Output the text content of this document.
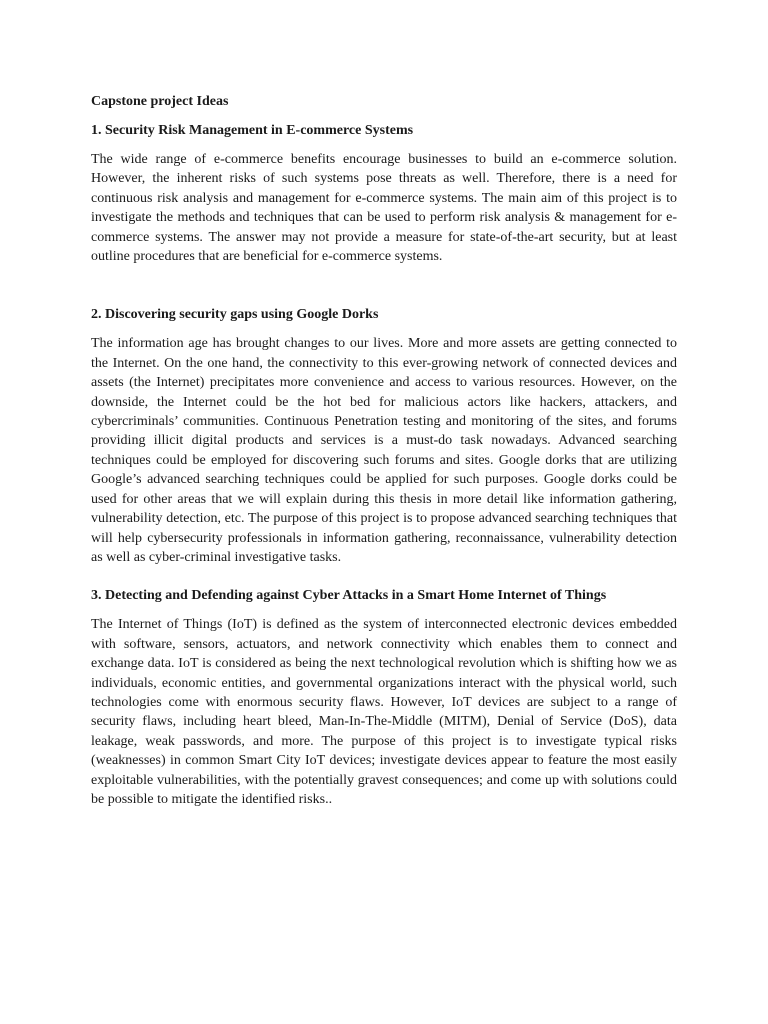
Capstone project Ideas

1. Security Risk Management in E-commerce Systems

The wide range of e-commerce benefits encourage businesses to build an e-commerce solution. However, the inherent risks of such systems pose threats as well. Therefore, there is a need for continuous risk analysis and management for e-commerce systems. The main aim of this project is to investigate the methods and techniques that can be used to perform risk analysis & management for e-commerce systems. The answer may not provide a measure for state-of-the-art security, but at least outline procedures that are beneficial for e-commerce systems.

2. Discovering security gaps using Google Dorks

The information age has brought changes to our lives. More and more assets are getting connected to the Internet. On the one hand, the connectivity to this ever-growing network of connected devices and assets (the Internet) precipitates more convenience and access to various resources. However, on the downside, the Internet could be the hot bed for malicious actors like hackers, attackers, and cybercriminals’ communities. Continuous Penetration testing and monitoring of the sites, and forums providing illicit digital products and services is a must-do task nowadays. Advanced searching techniques could be employed for discovering such forums and sites. Google dorks that are utilizing Google’s advanced searching techniques could be applied for such purposes. Google dorks could be used for other areas that we will explain during this thesis in more detail like information gathering, vulnerability detection, etc. The purpose of this project is to propose advanced searching techniques that will help cybersecurity professionals in information gathering, reconnaissance, vulnerability detection as well as cyber-criminal investigative tasks.

3. Detecting and Defending against Cyber Attacks in a Smart Home Internet of Things

The Internet of Things (IoT) is defined as the system of interconnected electronic devices embedded with software, sensors, actuators, and network connectivity which enables them to connect and exchange data. IoT is considered as being the next technological revolution which is shifting how we as individuals, economic entities, and governmental organizations interact with the physical world, such technologies come with enormous security flaws. However, IoT devices are subject to a range of security flaws, including heart bleed, Man-In-The-Middle (MITM), Denial of Service (DoS), data leakage, weak passwords, and more. The purpose of this project is to investigate typical risks (weaknesses) in common Smart City IoT devices; investigate devices appear to feature the most easily exploitable vulnerabilities, with the potentially gravest consequences; and come up with solutions could be possible to mitigate the identified risks..
